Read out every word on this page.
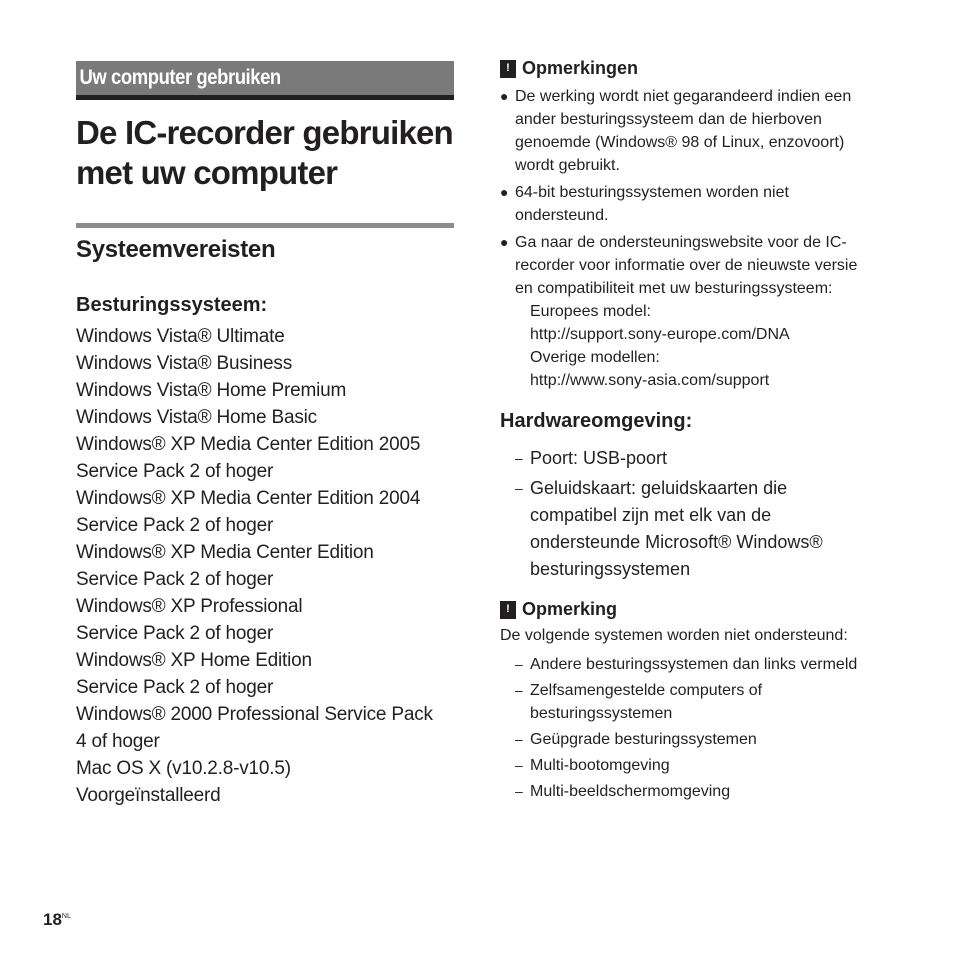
Uw computer gebruiken
De IC-recorder gebruiken met uw computer
Systeemvereisten
Besturingssysteem:
Windows Vista® Ultimate
Windows Vista® Business
Windows Vista® Home Premium
Windows Vista® Home Basic
Windows® XP Media Center Edition 2005
Service Pack 2 of hoger
Windows® XP Media Center Edition 2004
Service Pack 2 of hoger
Windows® XP Media Center Edition
Service Pack 2 of hoger
Windows® XP Professional
Service Pack 2 of hoger
Windows® XP Home Edition
Service Pack 2 of hoger
Windows® 2000 Professional Service Pack
4 of hoger
Mac OS X (v10.2.8-v10.5)
Voorgeïnstalleerd
! Opmerkingen
● De werking wordt niet gegarandeerd indien een ander besturingssysteem dan de hierboven genoemde (Windows® 98 of Linux, enzovoort) wordt gebruikt.
● 64-bit besturingssystemen worden niet ondersteund.
● Ga naar de ondersteuningswebsite voor de IC-recorder voor informatie over de nieuwste versie en compatibiliteit met uw besturingssysteem:
Europees model:
http://support.sony-europe.com/DNA
Overige modellen:
http://www.sony-asia.com/support
Hardwareomgeving:
– Poort: USB-poort
– Geluidskaart: geluidskaarten die compatibel zijn met elk van de ondersteunde Microsoft® Windows® besturingssystemen
! Opmerking
De volgende systemen worden niet ondersteund:
– Andere besturingssystemen dan links vermeld
– Zelfsamengestelde computers of besturingssystemen
– Geüpgrade besturingssystemen
– Multi-bootomgeving
– Multi-beeldschermomgeving
$18^{NL}$
